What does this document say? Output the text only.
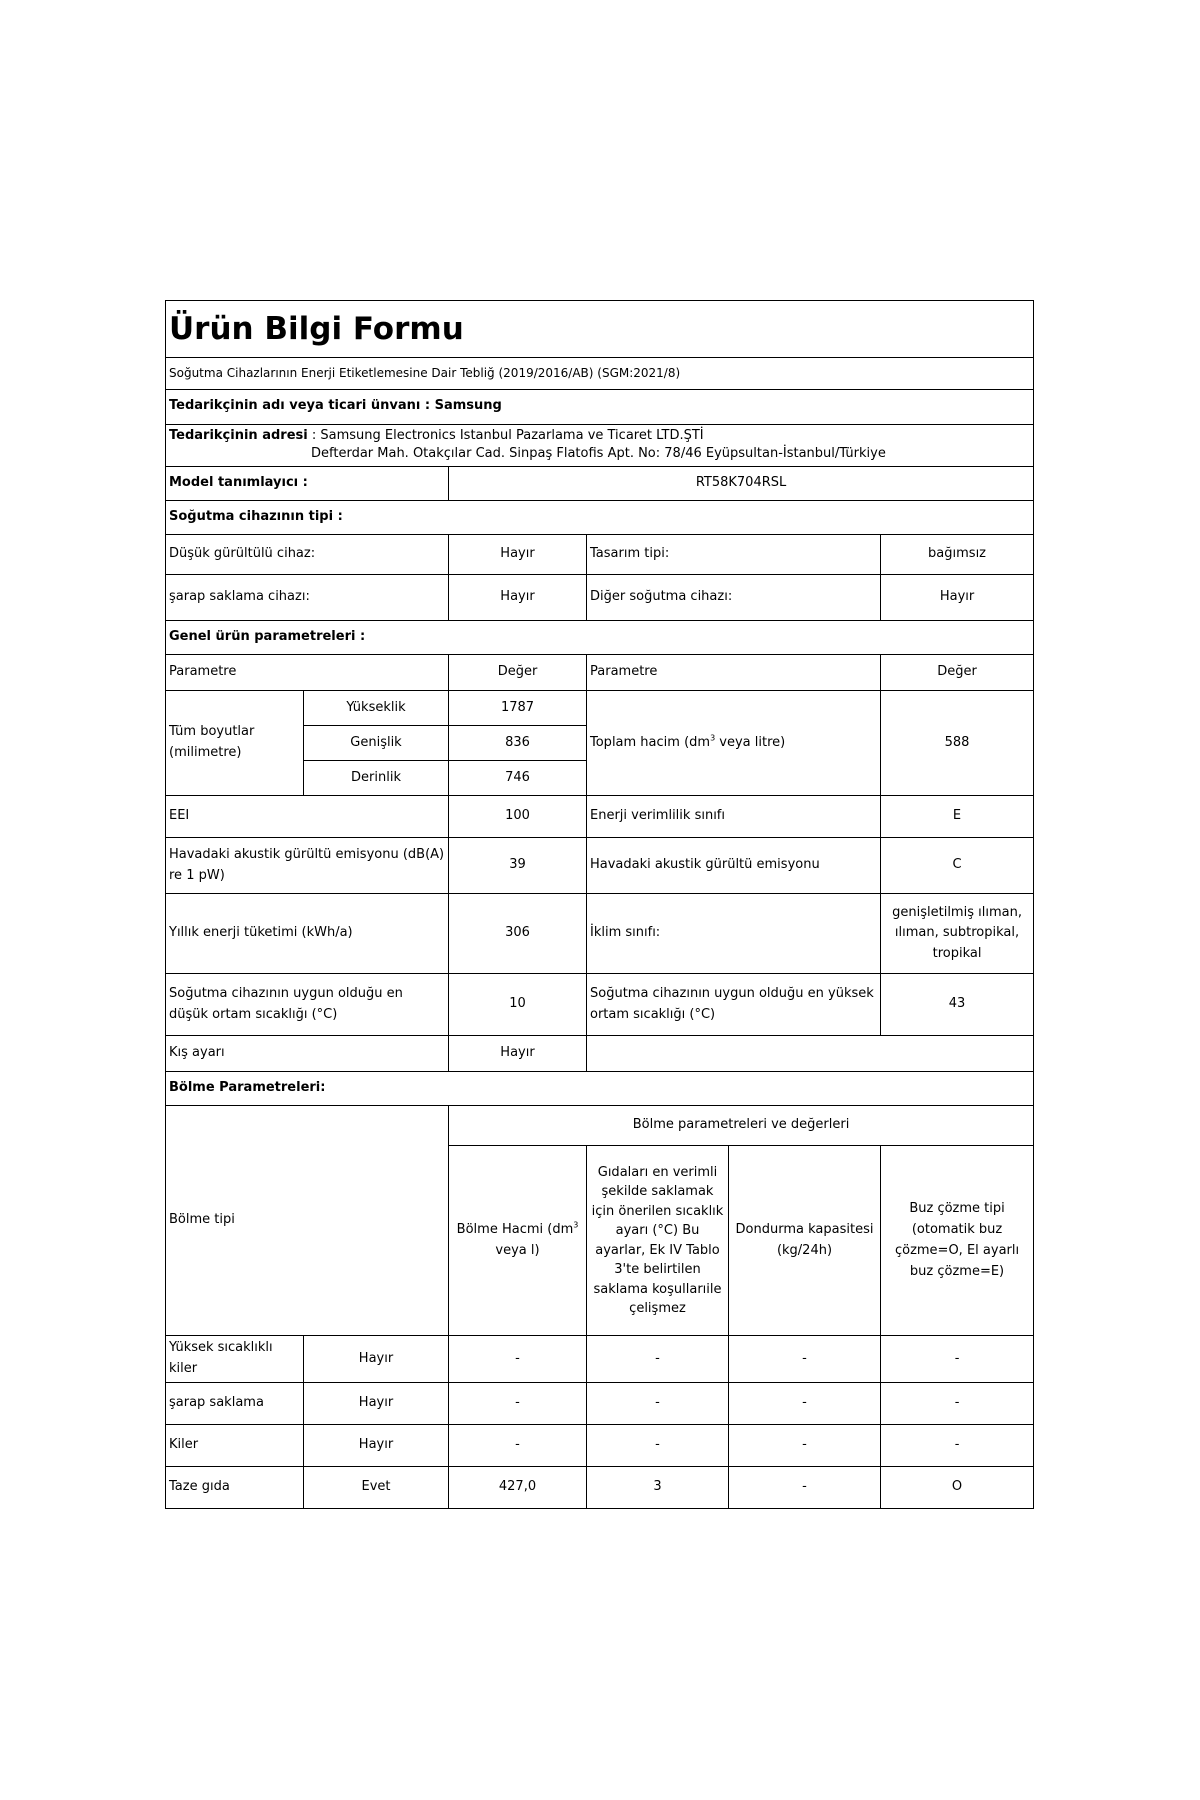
Ürün Bilgi Formu					
Soğutma Cihazlarının Enerji Etiketlemesine Dair Tebliğ (2019/2016/AB) (SGM:2021/8)					
Tedarikçinin adı veya ticari ünvanı : Samsung					
Tedarikçinin adresi : Samsung Electronics Istanbul Pazarlama ve Ticaret LTD.ŞTİ
Defterdar Mah. Otakçılar Cad. Sinpaş Flatofis Apt. No: 78/46 Eyüpsultan-İstanbul/Türkiye					

Model tanımlayıcı :		RT58K704RSL			
Soğutma cihazının tipi :					
Düşük gürültülü cihaz:		Hayır	Tasarım tipi:		bağımsız
şarap saklama cihazı:		Hayır	Diğer soğutma cihazı:		Hayır
Genel ürün parametreleri :					
Parametre		Değer	Parametre		Değer
Tüm boyutlar (milimetre)	Yükseklik	1787	Toplam hacim ($dm^3$ veya litre)		588
	Genişlik	836			
	Derinlik	746			
EEI		100	Enerji verimlilik sınıfı		E
Havadaki akustik gürültü emisyonu (dB(A) re 1 pW)		39	Havadaki akustik gürültü emisyonu		C
Yıllık enerji tüketimi (kWh/a)		306	İklim sınıfı:		genişletilmiş ılıman, ılıman, subtropikal, tropikal
Soğutma cihazının uygun olduğu en düşük ortam sıcaklığı (°C)		10	Soğutma cihazının uygun olduğu en yüksek ortam sıcaklığı (°C)		43
Kış ayarı		Hayır			
Bölme Parametreleri:					
Bölme tipi		Bölme parametreleri ve değerleri			
		Bölme Hacmi ($dm^3$ veya l)	Gıdaları en verimli şekilde saklamak için önerilen sıcaklık ayarı (°C) Bu ayarlar, Ek IV Tablo 3'te belirtilen saklama koşullarıile çelişmez	Dondurma kapasitesi (kg/24h)	Buz çözme tipi (otomatik buz çözme=O, El ayarlı buz çözme=E)
Yüksek sıcaklıklı kiler	Hayır	-	-	-	-
şarap saklama	Hayır	-	-	-	-
Kiler	Hayır	-	-	-	-
Taze gıda	Evet	427,0	3	-	O
